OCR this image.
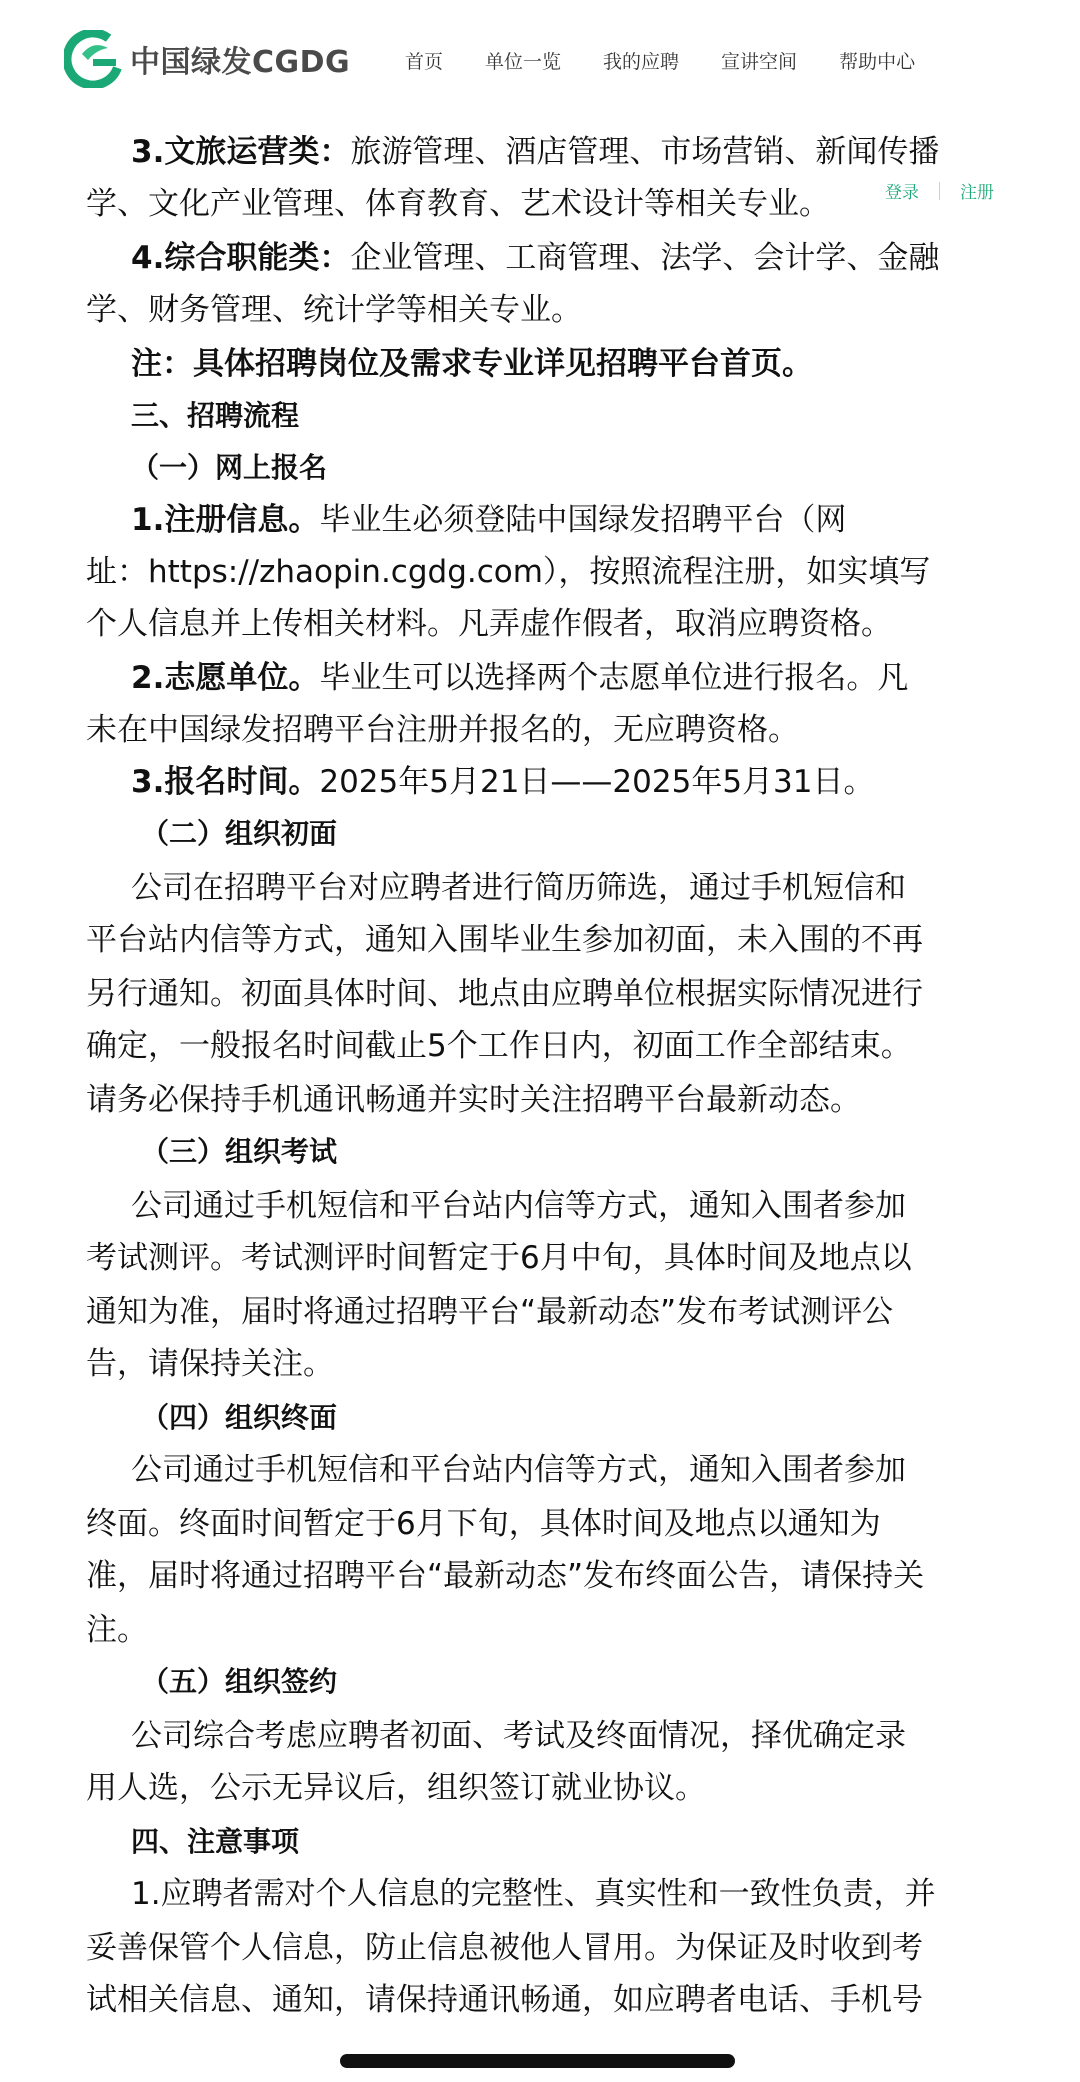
中国绿发CGDG	首页 单位一览 我的应聘 宣讲空间 帮助中心
3.文旅运营类：旅游管理、酒店管理、市场营销、新闻传播
学、文化产业管理、体育教育、艺术设计等相关专业。
4.综合职能类：企业管理、工商管理、法学、会计学、金融
学、财务管理、统计学等相关专业。
注：具体招聘岗位及需求专业详见招聘平台首页。
三、招聘流程
（一）网上报名
1.注册信息。毕业生必须登陆中国绿发招聘平台（网
址：https://zhaopin.cgdg.com），按照流程注册，如实填写
个人信息并上传相关材料。凡弄虚作假者，取消应聘资格。
2.志愿单位。毕业生可以选择两个志愿单位进行报名。凡
未在中国绿发招聘平台注册并报名的，无应聘资格。
3.报名时间。2025年5月21日——2025年5月31日。
（二）组织初面
公司在招聘平台对应聘者进行简历筛选，通过手机短信和
平台站内信等方式，通知入围毕业生参加初面，未入围的不再
另行通知。初面具体时间、地点由应聘单位根据实际情况进行
确定，一般报名时间截止5个工作日内，初面工作全部结束。
请务必保持手机通讯畅通并实时关注招聘平台最新动态。
（三）组织考试
公司通过手机短信和平台站内信等方式，通知入围者参加
考试测评。考试测评时间暂定于6月中旬，具体时间及地点以
通知为准，届时将通过招聘平台“最新动态”发布考试测评公
告，请保持关注。
（四）组织终面
公司通过手机短信和平台站内信等方式，通知入围者参加
终面。终面时间暂定于6月下旬，具体时间及地点以通知为
准，届时将通过招聘平台“最新动态”发布终面公告，请保持关
注。
（五）组织签约
公司综合考虑应聘者初面、考试及终面情况，择优确定录
用人选，公示无异议后，组织签订就业协议。
四、注意事项
1.应聘者需对个人信息的完整性、真实性和一致性负责，并
妥善保管个人信息，防止信息被他人冒用。为保证及时收到考
试相关信息、通知，请保持通讯畅通，如应聘者电话、手机号
登录 注册
